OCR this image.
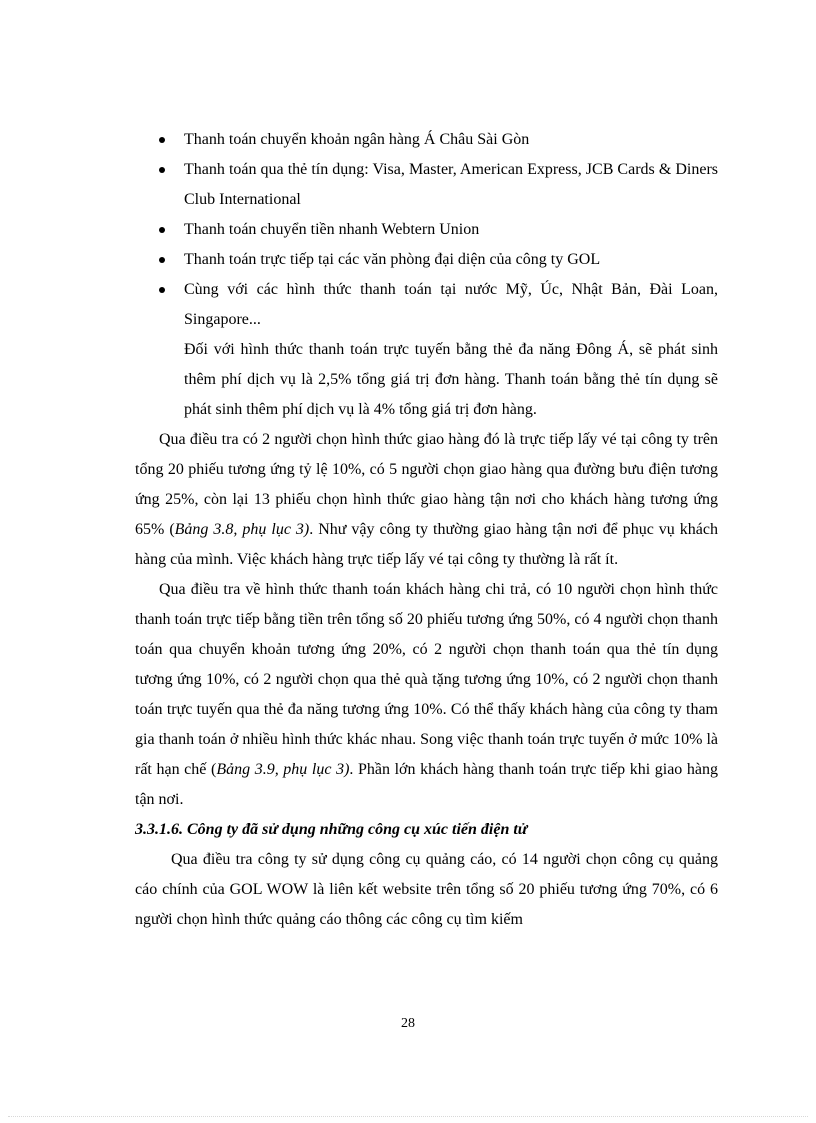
Thanh toán chuyển khoản ngân hàng Á Châu Sài Gòn
Thanh toán qua thẻ tín dụng: Visa, Master, American Express, JCB Cards & Diners Club International
Thanh toán chuyển tiền nhanh Webtern Union
Thanh toán trực tiếp tại các văn phòng đại diện của công ty GOL
Cùng với các hình thức thanh toán tại nước Mỹ, Úc, Nhật Bản, Đài Loan, Singapore...

Đối với hình thức thanh toán trực tuyến bằng thẻ đa năng Đông Á, sẽ phát sinh thêm phí dịch vụ là 2,5% tổng giá trị đơn hàng. Thanh toán bằng thẻ tín dụng sẽ phát sinh thêm phí dịch vụ là 4% tổng giá trị đơn hàng.

Qua điều tra có 2 người chọn hình thức giao hàng đó là trực tiếp lấy vé tại công ty trên tổng 20 phiếu tương ứng tỷ lệ 10%, có 5 người chọn giao hàng qua đường bưu điện tương ứng 25%, còn lại 13 phiếu chọn hình thức giao hàng tận nơi cho khách hàng tương ứng 65% (Bảng 3.8, phụ lục 3). Như vậy công ty thường giao hàng tận nơi để phục vụ khách hàng của mình. Việc khách hàng trực tiếp lấy vé tại công ty thường là rất ít.

Qua điều tra về hình thức thanh toán khách hàng chi trả, có 10 người chọn hình thức thanh toán trực tiếp bằng tiền trên tổng số 20 phiếu tương ứng 50%, có 4 người chọn thanh toán qua chuyển khoản tương ứng 20%, có 2 người chọn thanh toán qua thẻ tín dụng tương ứng 10%, có 2 người chọn qua thẻ quà tặng tương ứng 10%, có 2 người chọn thanh toán trực tuyến qua thẻ đa năng tương ứng 10%. Có thể thấy khách hàng của công ty tham gia thanh toán ở nhiều hình thức khác nhau. Song việc thanh toán trực tuyến ở mức 10% là rất hạn chế (Bảng 3.9, phụ lục 3). Phần lớn khách hàng thanh toán trực tiếp khi giao hàng tận nơi.

3.3.1.6. Công ty đã sử dụng những công cụ xúc tiến điện tử

Qua điều tra công ty sử dụng công cụ quảng cáo, có 14 người chọn công cụ quảng cáo chính của GOL WOW là liên kết website trên tổng số 20 phiếu tương ứng 70%, có 6 người chọn hình thức quảng cáo thông các công cụ tìm kiếm

28
